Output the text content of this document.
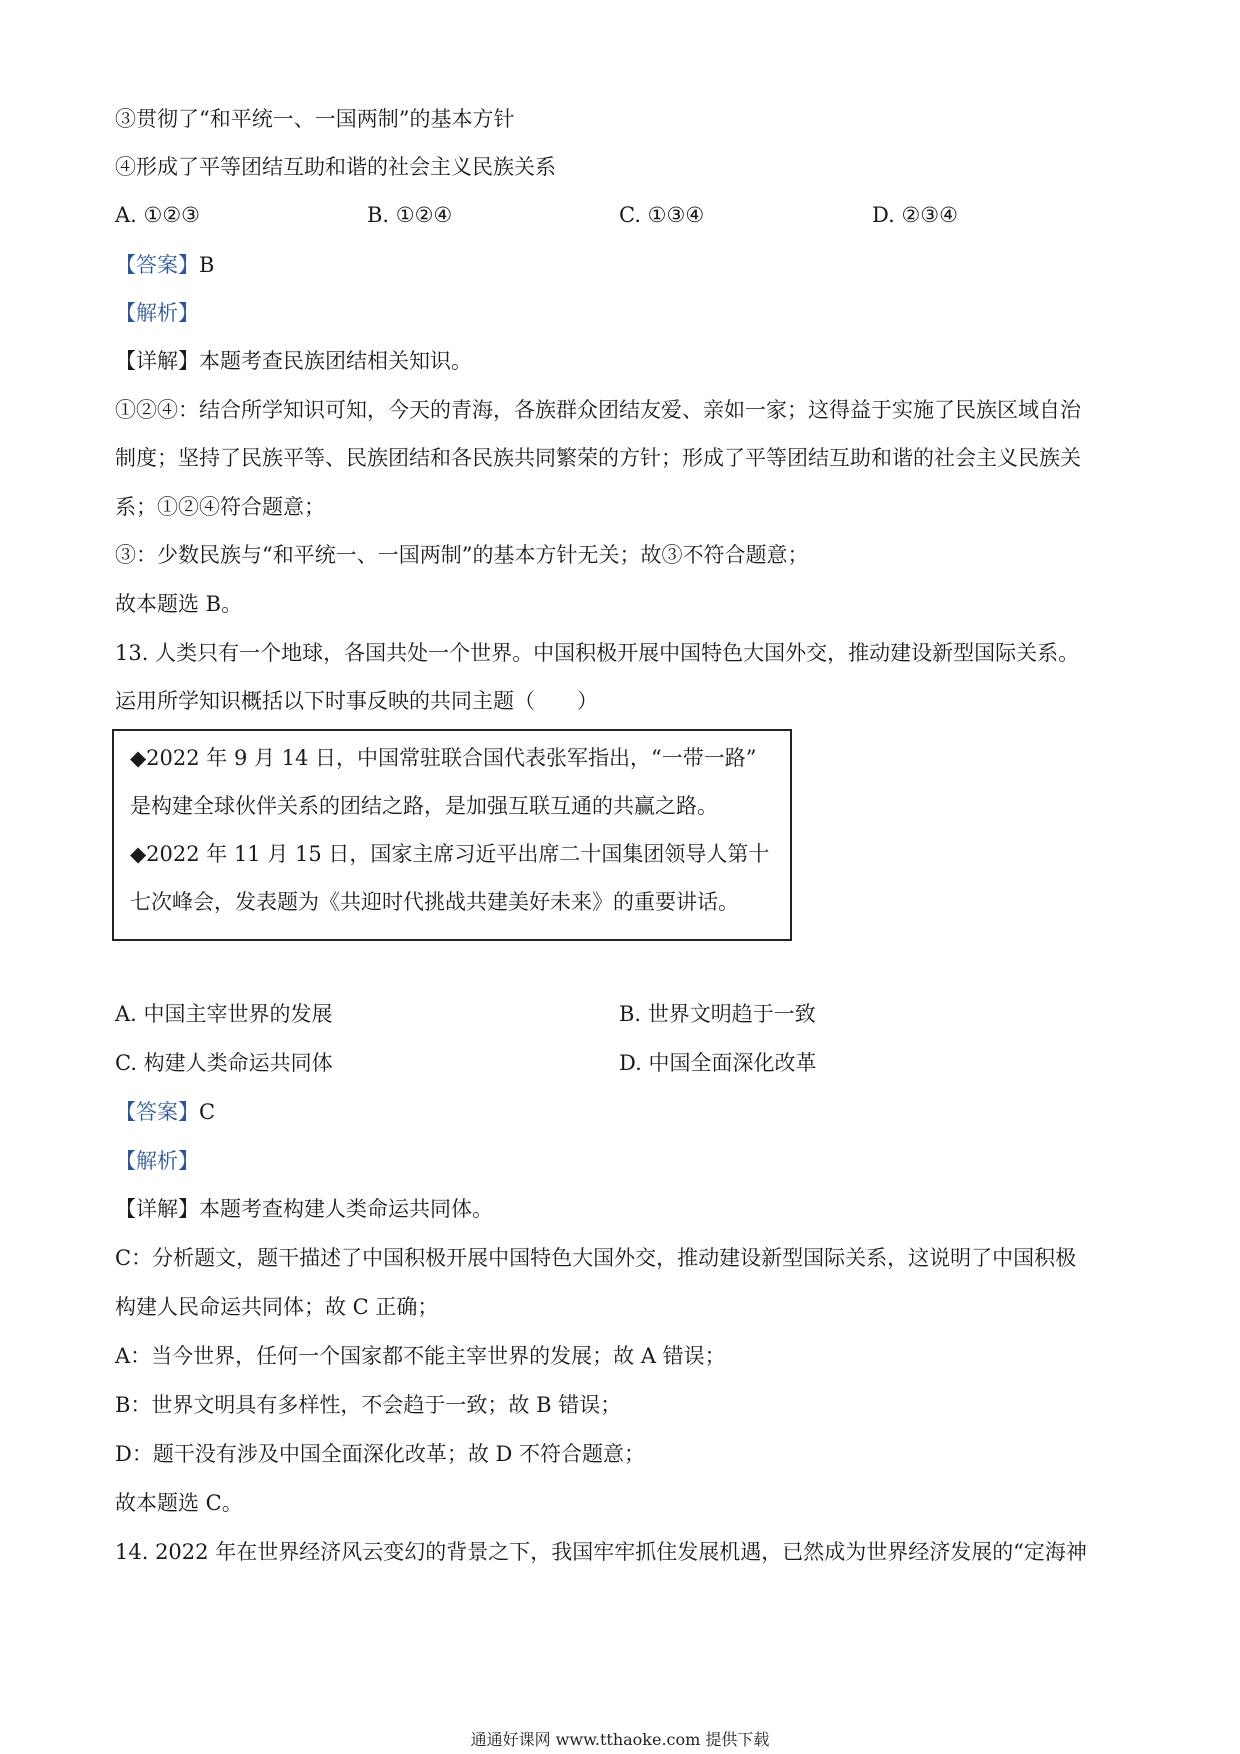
③贯彻了“和平统一、一国两制”的基本方针
④形成了平等团结互助和谐的社会主义民族关系
A. ①②③	B. ①②④	C. ①③④	D. ②③④
【答案】B
【解析】
【详解】本题考查民族团结相关知识。
①②④：结合所学知识可知，今天的青海，各族群众团结友爱、亲如一家；这得益于实施了民族区域自治
制度；坚持了民族平等、民族团结和各民族共同繁荣的方针；形成了平等团结互助和谐的社会主义民族关
系；①②④符合题意；
③：少数民族与“和平统一、一国两制”的基本方针无关；故③不符合题意；
故本题选 B。
13. 人类只有一个地球，各国共处一个世界。中国积极开展中国特色大国外交，推动建设新型国际关系。
运用所学知识概括以下时事反映的共同主题（　　）
◆2022 年 9 月 14 日，中国常驻联合国代表张军指出，“一带一路”
是构建全球伙伴关系的团结之路，是加强互联互通的共赢之路。
◆2022 年 11 月 15 日，国家主席习近平出席二十国集团领导人第十
七次峰会，发表题为《共迎时代挑战共建美好未来》的重要讲话。
A. 中国主宰世界的发展	B. 世界文明趋于一致
C. 构建人类命运共同体	D. 中国全面深化改革
【答案】C
【解析】
【详解】本题考查构建人类命运共同体。
C：分析题文，题干描述了中国积极开展中国特色大国外交，推动建设新型国际关系，这说明了中国积极
构建人民命运共同体；故 C 正确；
A：当今世界，任何一个国家都不能主宰世界的发展；故 A 错误；
B：世界文明具有多样性，不会趋于一致；故 B 错误；
D：题干没有涉及中国全面深化改革；故 D 不符合题意；
故本题选 C。
14. 2022 年在世界经济风云变幻的背景之下，我国牢牢抓住发展机遇，已然成为世界经济发展的“定海神
通通好课网 www.tthaoke.com 提供下载
